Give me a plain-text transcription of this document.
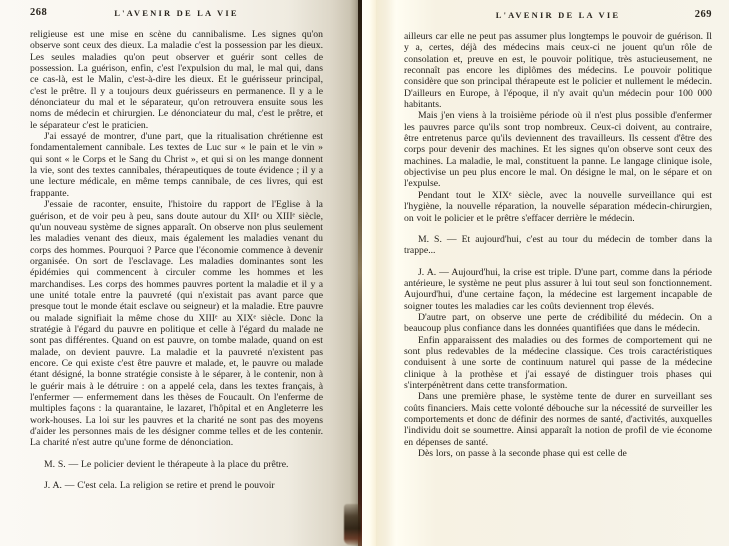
268	L'AVENIR DE LA VIE

religieuse est une mise en scène du cannibalisme. Les signes qu'on observe sont ceux des dieux. La maladie c'est la possession par les dieux. Les seules maladies qu'on peut observer et guérir sont celles de possession. La guérison, enfin, c'est l'expulsion du mal, le mal qui, dans ce cas-là, est le Malin, c'est-à-dire les dieux. Et le guérisseur principal, c'est le prêtre. Il y a toujours deux guérisseurs en permanence. Il y a le dénonciateur du mal et le séparateur, qu'on retrouvera ensuite sous les noms de médecin et chirurgien. Le dénonciateur du mal, c'est le prêtre, et le séparateur c'est le praticien.

J'ai essayé de montrer, d'une part, que la ritualisation chrétienne est fondamentalement cannibale. Les textes de Luc sur « le pain et le vin » qui sont « le Corps et le Sang du Christ », et qui si on les mange donnent la vie, sont des textes cannibales, thérapeutiques de toute évidence ; il y a une lecture médicale, en même temps cannibale, de ces livres, qui est frappante.

J'essaie de raconter, ensuite, l'histoire du rapport de l'Eglise à la guérison, et de voir peu à peu, sans doute autour du XIIᵉ ou XIIIᵉ siècle, qu'un nouveau système de signes apparaît. On observe non plus seulement les maladies venant des dieux, mais également les maladies venant du corps des hommes. Pourquoi ? Parce que l'économie commence à devenir organisée. On sort de l'esclavage. Les maladies dominantes sont les épidémies qui commencent à circuler comme les hommes et les marchandises. Les corps des hommes pauvres portent la maladie et il y a une unité totale entre la pauvreté (qui n'existait pas avant parce que presque tout le monde était esclave ou seigneur) et la maladie. Etre pauvre ou malade signifiait la même chose du XIIIᵉ au XIXᵉ siècle. Donc la stratégie à l'égard du pauvre en politique et celle à l'égard du malade ne sont pas différentes. Quand on est pauvre, on tombe malade, quand on est malade, on devient pauvre. La maladie et la pauvreté n'existent pas encore. Ce qui existe c'est être pauvre et malade, et, le pauvre ou malade étant désigné, la bonne stratégie consiste à le séparer, à le contenir, non à le guérir mais à le détruire : on a appelé cela, dans les textes français, à l'enfermer — enfermement dans les thèses de Foucault. On l'enferme de multiples façons : la quarantaine, le lazaret, l'hôpital et en Angleterre les work-houses. La loi sur les pauvres et la charité ne sont pas des moyens d'aider les personnes mais de les désigner comme telles et de les contenir. La charité n'est autre qu'une forme de dénonciation.

M. S. — Le policier devient le thérapeute à la place du prêtre.

J. A. — C'est cela. La religion se retire et prend le pouvoir

L'AVENIR DE LA VIE	269

ailleurs car elle ne peut pas assumer plus longtemps le pouvoir de guérison. Il y a, certes, déjà des médecins mais ceux-ci ne jouent qu'un rôle de consolation et, preuve en est, le pouvoir politique, très astucieusement, ne reconnaît pas encore les diplômes des médecins. Le pouvoir politique considère que son principal thérapeute est le policier et nullement le médecin. D'ailleurs en Europe, à l'époque, il n'y avait qu'un médecin pour 100 000 habitants.

Mais j'en viens à la troisième période où il n'est plus possible d'enfermer les pauvres parce qu'ils sont trop nombreux. Ceux-ci doivent, au contraire, être entretenus parce qu'ils deviennent des travailleurs. Ils cessent d'être des corps pour devenir des machines. Et les signes qu'on observe sont ceux des machines. La maladie, le mal, constituent la panne. Le langage clinique isole, objectivise un peu plus encore le mal. On désigne le mal, on le sépare et on l'expulse.

Pendant tout le XIXᵉ siècle, avec la nouvelle surveillance qui est l'hygiène, la nouvelle réparation, la nouvelle séparation médecin-chirurgien, on voit le policier et le prêtre s'effacer derrière le médecin.

M. S. — Et aujourd'hui, c'est au tour du médecin de tomber dans la trappe...

J. A. — Aujourd'hui, la crise est triple. D'une part, comme dans la période antérieure, le système ne peut plus assurer à lui tout seul son fonctionnement. Aujourd'hui, d'une certaine façon, la médecine est largement incapable de soigner toutes les maladies car les coûts deviennent trop élevés.

D'autre part, on observe une perte de crédibilité du médecin. On a beaucoup plus confiance dans les données quantifiées que dans le médecin.

Enfin apparaissent des maladies ou des formes de comportement qui ne sont plus redevables de la médecine classique. Ces trois caractéristiques conduisent à une sorte de continuum naturel qui passe de la médecine clinique à la prothèse et j'ai essayé de distinguer trois phases qui s'interpénètrent dans cette transformation.

Dans une première phase, le système tente de durer en surveillant ses coûts financiers. Mais cette volonté débouche sur la nécessité de surveiller les comportements et donc de définir des normes de santé, d'activités, auxquelles l'individu doit se soumettre. Ainsi apparaît la notion de profil de vie économe en dépenses de santé.

Dès lors, on passe à la seconde phase qui est celle de
